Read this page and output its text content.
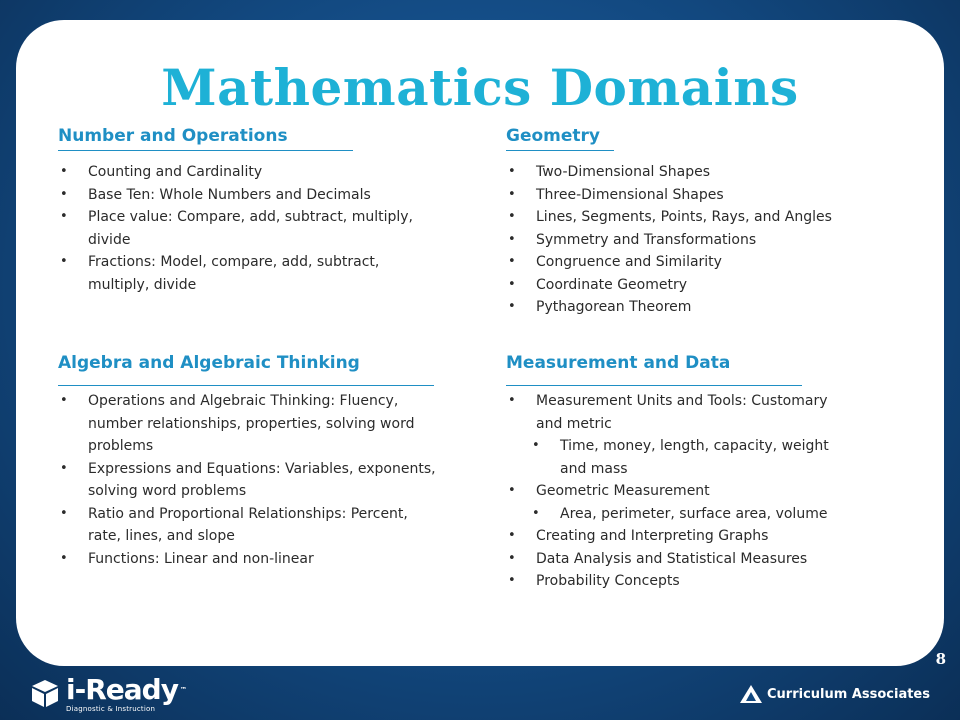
Mathematics Domains
Number and Operations
• Counting and Cardinality
• Base Ten: Whole Numbers and Decimals
• Place value: Compare, add, subtract, multiply,
divide
• Fractions: Model, compare, add, subtract,
multiply, divide
Geometry
• Two-Dimensional Shapes
• Three-Dimensional Shapes
• Lines, Segments, Points, Rays, and Angles
• Symmetry and Transformations
• Congruence and Similarity
• Coordinate Geometry
• Pythagorean Theorem
Algebra and Algebraic Thinking
• Operations and Algebraic Thinking: Fluency,
number relationships, properties, solving word
problems
• Expressions and Equations: Variables, exponents,
solving word problems
• Ratio and Proportional Relationships: Percent,
rate, lines, and slope
• Functions: Linear and non-linear
Measurement and Data
• Measurement Units and Tools: Customary
and metric
• Time, money, length, capacity, weight
and mass
• Geometric Measurement
• Area, perimeter, surface area, volume
• Creating and Interpreting Graphs
• Data Analysis and Statistical Measures
• Probability Concepts
8
i-Ready ™
Diagnostic & Instruction
Curriculum Associates
